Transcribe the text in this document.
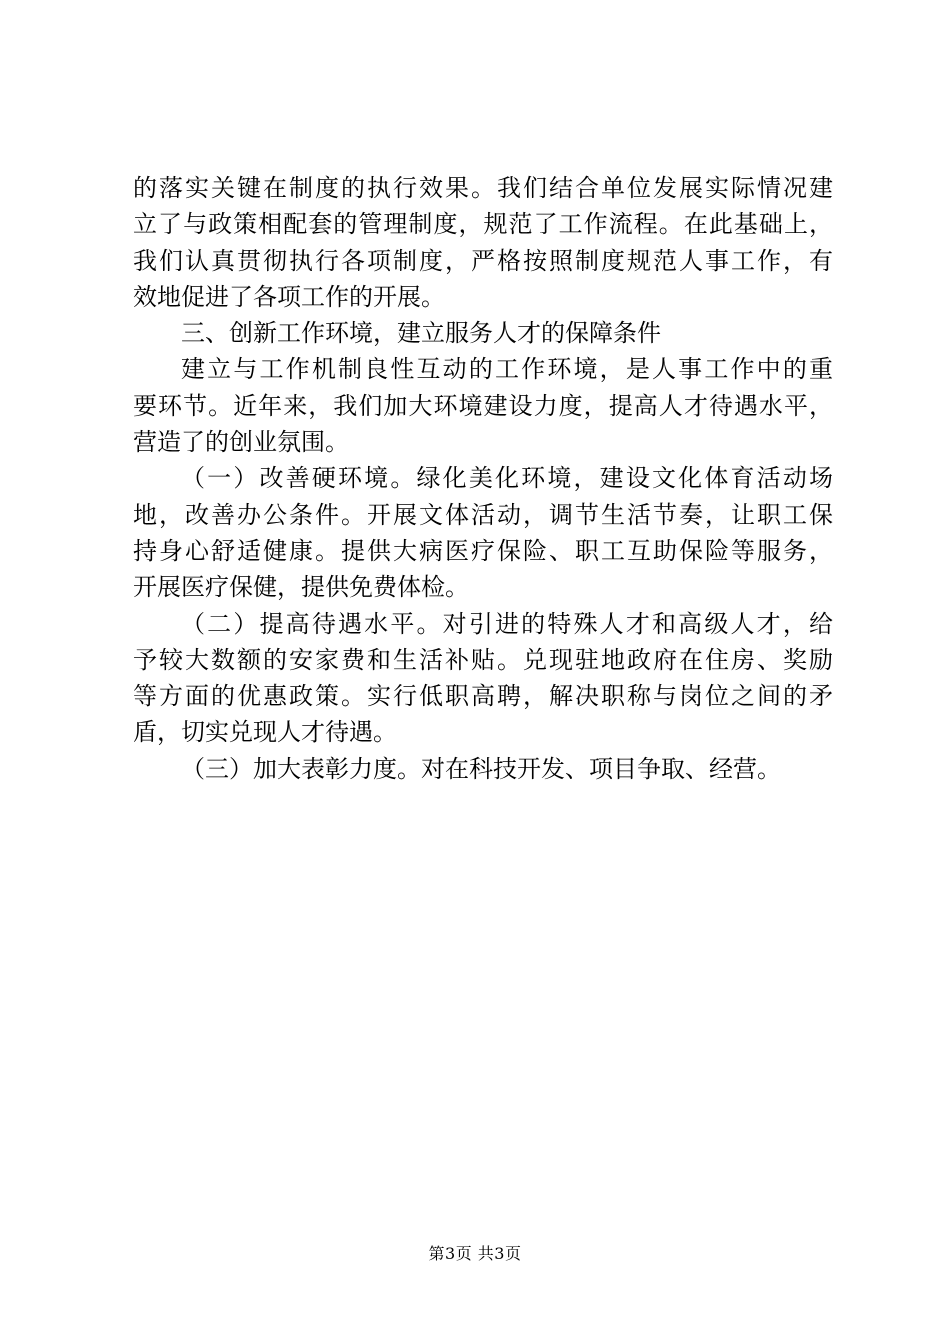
的落实关键在制度的执行效果。我们结合单位发展实际情况建
立了与政策相配套的管理制度，规范了工作流程。在此基础上，
我们认真贯彻执行各项制度，严格按照制度规范人事工作，有
效地促进了各项工作的开展。
三、创新工作环境，建立服务人才的保障条件
建立与工作机制良性互动的工作环境，是人事工作中的重
要环节。近年来，我们加大环境建设力度，提高人才待遇水平，
营造了的创业氛围。
（一）改善硬环境。绿化美化环境，建设文化体育活动场
地，改善办公条件。开展文体活动，调节生活节奏，让职工保
持身心舒适健康。提供大病医疗保险、职工互助保险等服务，
开展医疗保健，提供免费体检。
（二）提高待遇水平。对引进的特殊人才和高级人才，给
予较大数额的安家费和生活补贴。兑现驻地政府在住房、奖励
等方面的优惠政策。实行低职高聘，解决职称与岗位之间的矛
盾，切实兑现人才待遇。
（三）加大表彰力度。对在科技开发、项目争取、经营。
第3页 共3页
